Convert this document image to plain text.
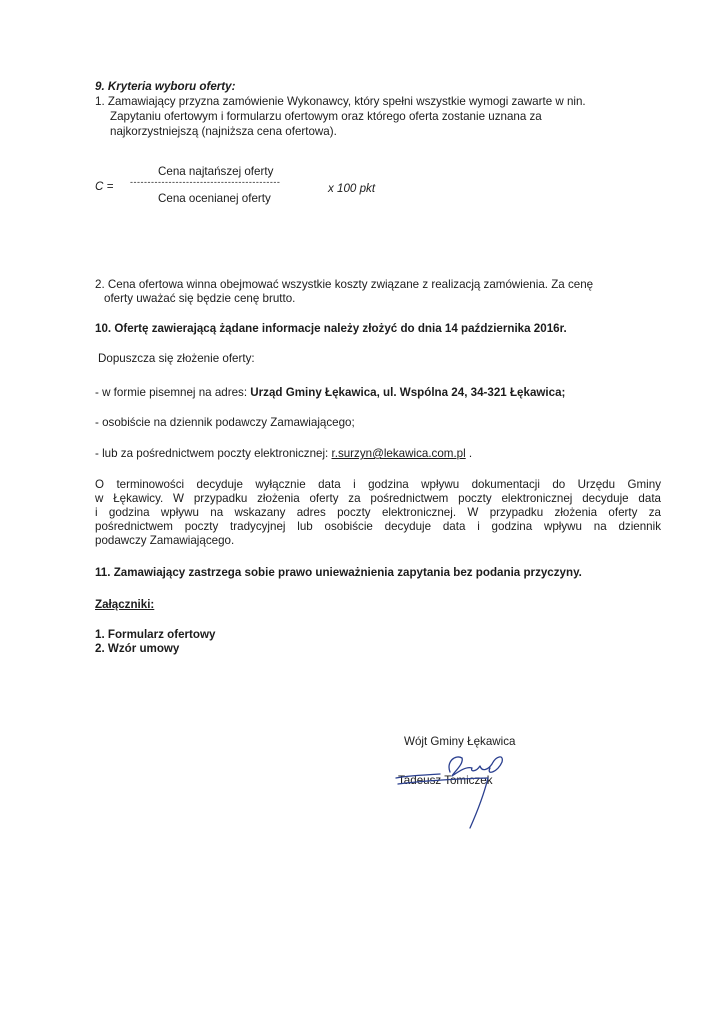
9. Kryteria wyboru oferty:
1. Zamawiający przyzna zamówienie Wykonawcy, który spełni wszystkie wymogi zawarte w nin.
Zapytaniu ofertowym i formularzu ofertowym oraz którego oferta zostanie uznana za
najkorzystniejszą (najniższa cena ofertowa).
C =
Cena najtańszej oferty
-------------------------------------------
Cena ocenianej oferty
x 100 pkt
2. Cena ofertowa winna obejmować wszystkie koszty związane z realizacją zamówienia. Za cenę
oferty uważać się będzie cenę brutto.
10. Ofertę zawierającą żądane informacje należy złożyć do dnia 14 października 2016r.
Dopuszcza się złożenie oferty:
- w formie pisemnej na adres: Urząd Gminy Łękawica, ul. Wspólna 24, 34-321 Łękawica;
- osobiście na dziennik podawczy Zamawiającego;
- lub za pośrednictwem poczty elektronicznej: r.surzyn@lekawica.com.pl .
O terminowości decyduje wyłącznie data i godzina wpływu dokumentacji do Urzędu Gminy
w Łękawicy. W przypadku złożenia oferty za pośrednictwem poczty elektronicznej decyduje data
i godzina wpływu na wskazany adres poczty elektronicznej. W przypadku złożenia oferty za
pośrednictwem poczty tradycyjnej lub osobiście decyduje data i godzina wpływu na dziennik
podawczy Zamawiającego.
11. Zamawiający zastrzega sobie prawo unieważnienia zapytania bez podania przyczyny.
Załączniki:
1. Formularz ofertowy
2. Wzór umowy
Wójt Gminy Łękawica
Tadeusz Tomiczek
